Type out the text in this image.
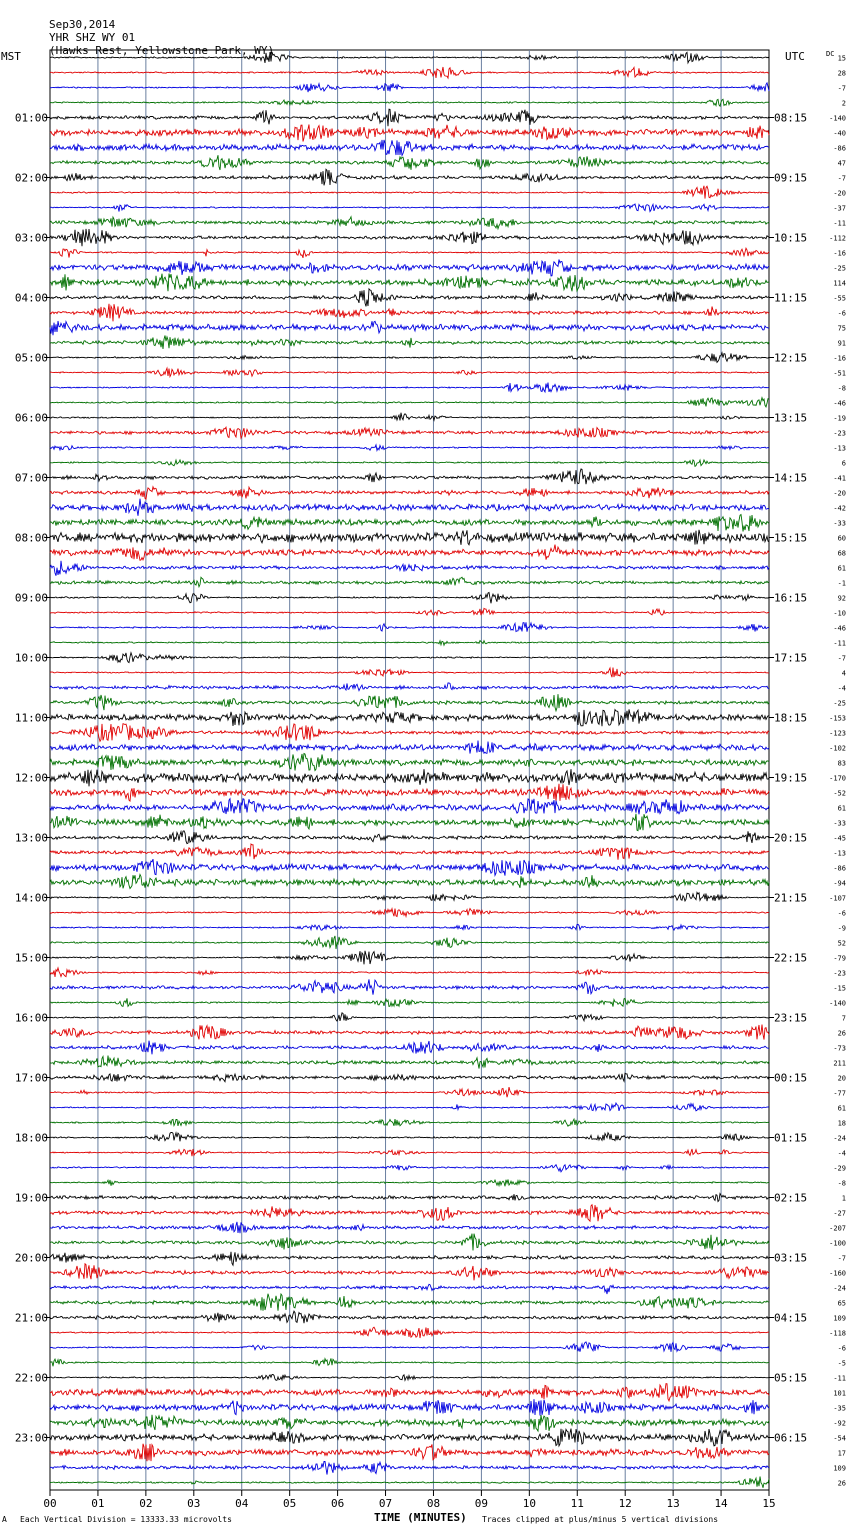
Sep30,2014
YHR SHZ WY 01
(Hawks Rest, Yellowstone Park, WY)

MST	UTC
00	01	02	03	04	05	06	07	08	09	10	11	12	13	14	15
DC
15
28
-7
2
01:00	08:15	-140
-40
-86
47
02:00	09:15	-7
-20
-37
-11
03:00	10:15	-112
-16
-25
114
04:00	11:15	-55
-6
75
91
05:00	12:15	-16
-51
-8
-46
06:00	13:15	-19
-23
-13
6
07:00	14:15	-41
-20
-42
-33
08:00	15:15	60
68
61
-1
09:00	16:15	92
-10
-46
-11
10:00	17:15	-7
4
-4
-25
11:00	18:15	-153
-123
-102
83
12:00	19:15	-170
-52
61
-33
13:00	20:15	-45
-13
-86
-94
14:00	21:15	-107
-6
-9
52
15:00	22:15	-79
-23
-15
-140
16:00	23:15	7
26
-73
211
17:00	00:15	20
-77
61
18
18:00	01:15	-24
-4
-29
-8
19:00	02:15	1
-27
-207
-100
20:00	03:15	-7
-160
-24
65
21:00	04:15	109
-118
-6
-5
22:00	05:15	-11
101
-35
-92
23:00	06:15	-54
17
109
26
A Each Vertical Division = 13333.33 microvolts	TIME (MINUTES) Traces clipped at plus/minus 5 vertical divisions
